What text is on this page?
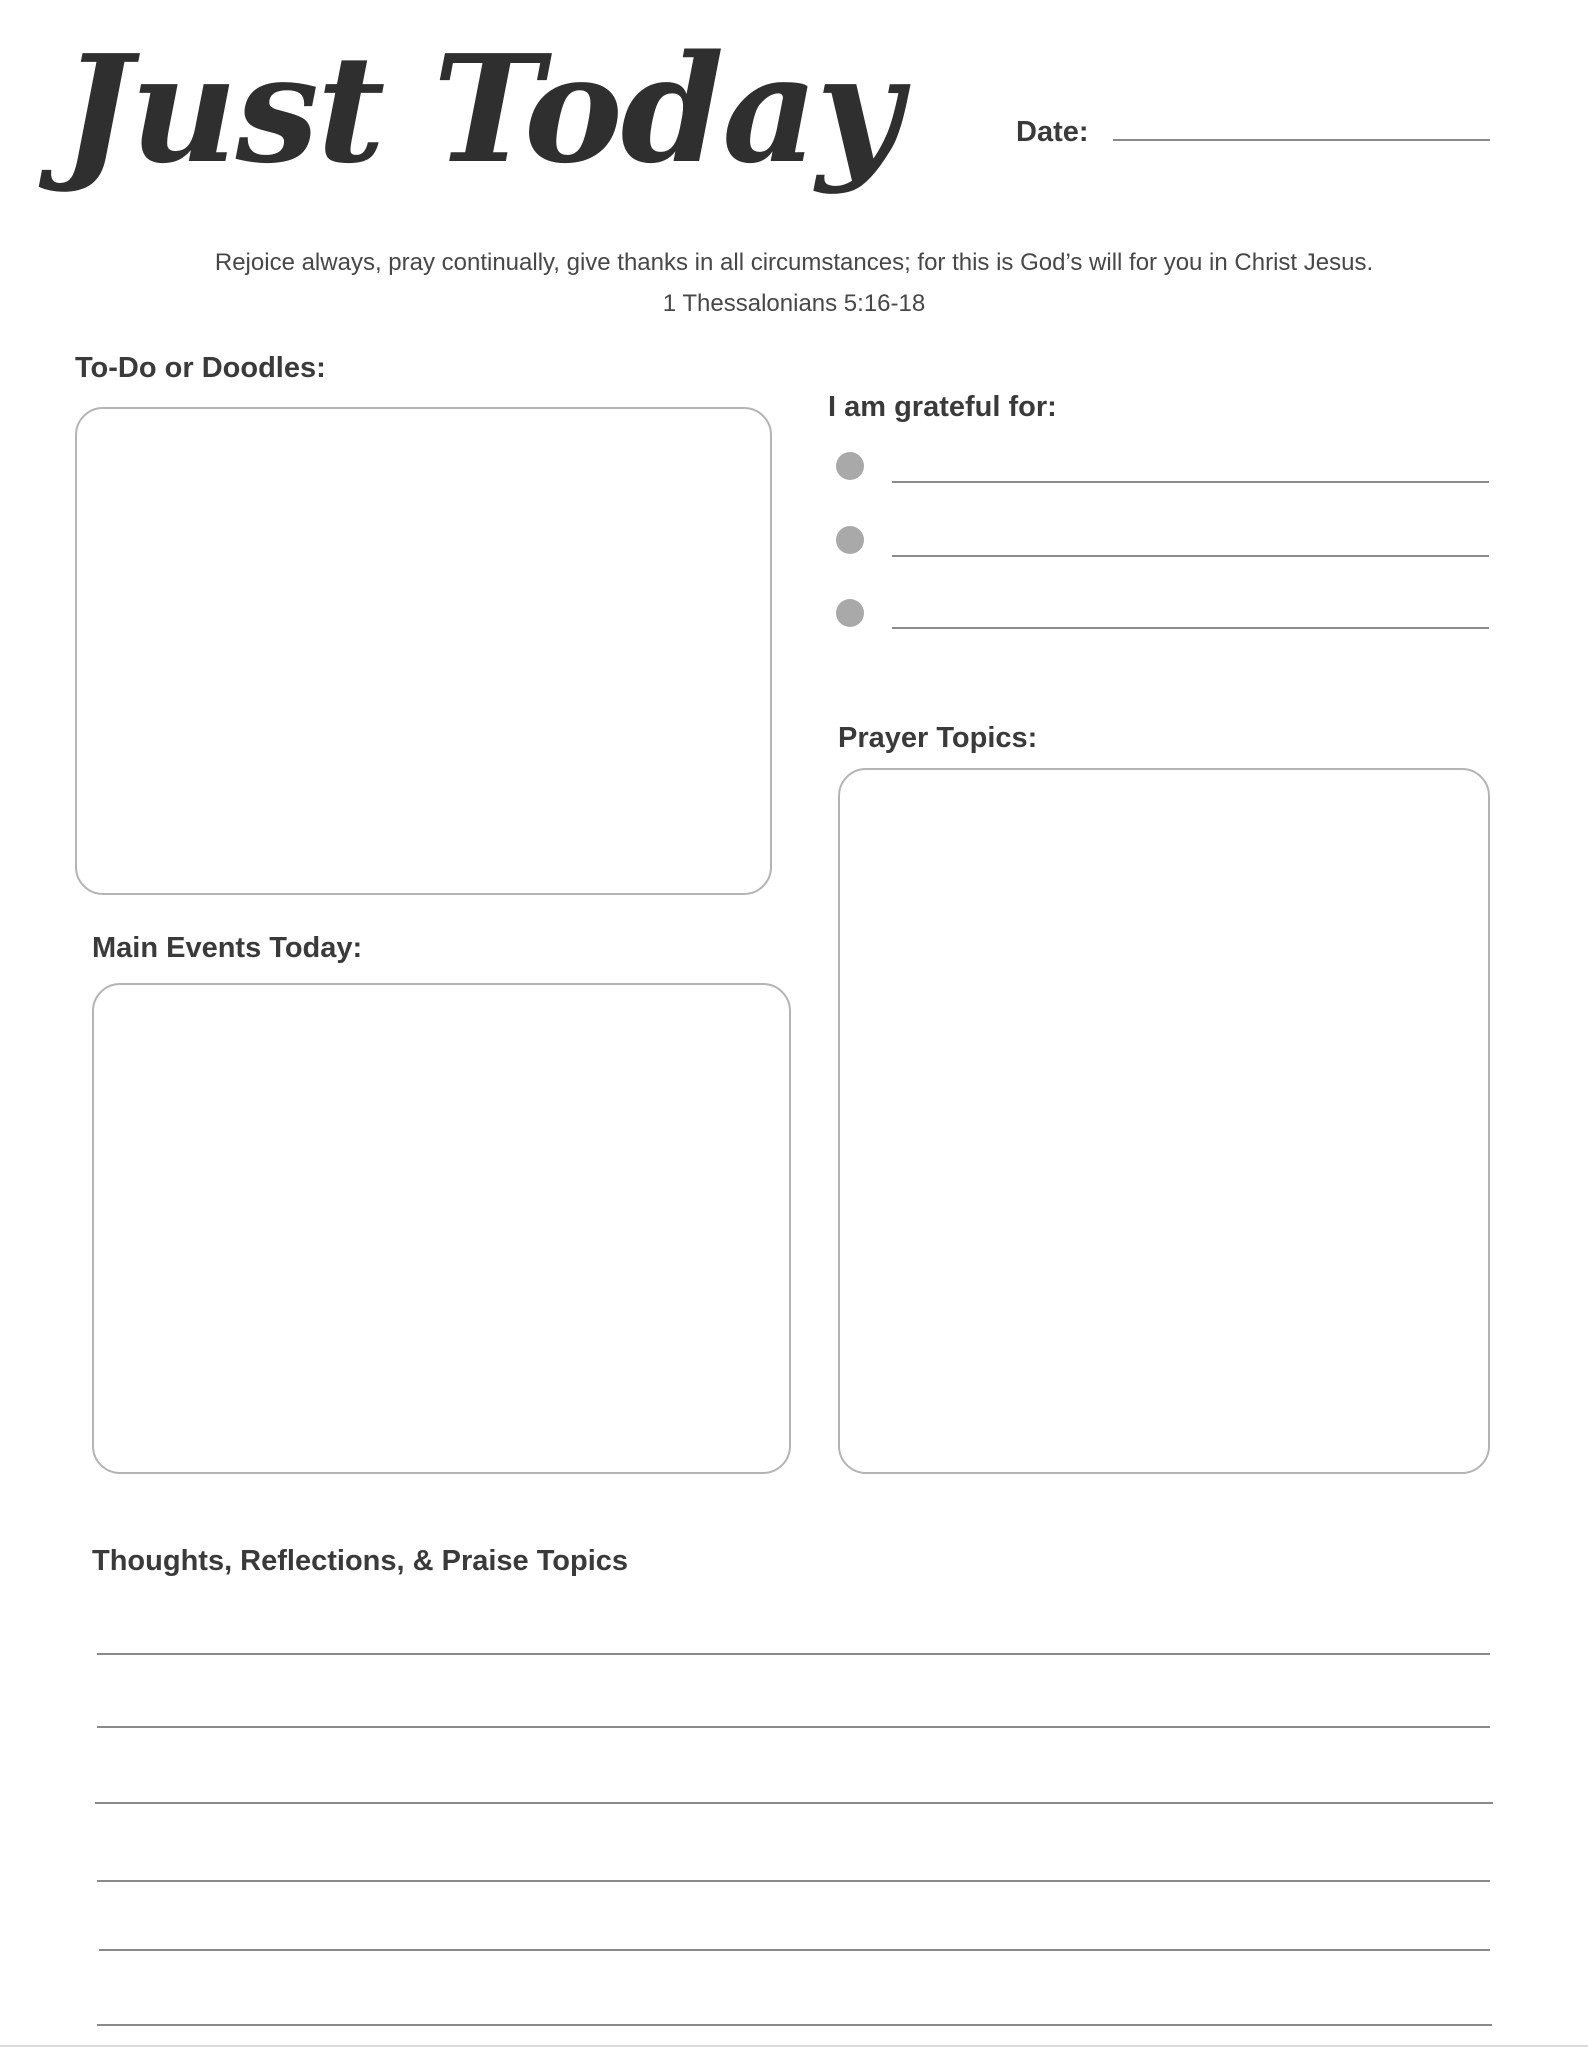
Just Today	Date:
Rejoice always, pray continually, give thanks in all circumstances; for this is God’s will for you in Christ Jesus.
1 Thessalonians 5:16-18
To-Do or Doodles:
I am grateful for:
Prayer Topics:
Main Events Today:
Thoughts, Reflections, & Praise Topics
